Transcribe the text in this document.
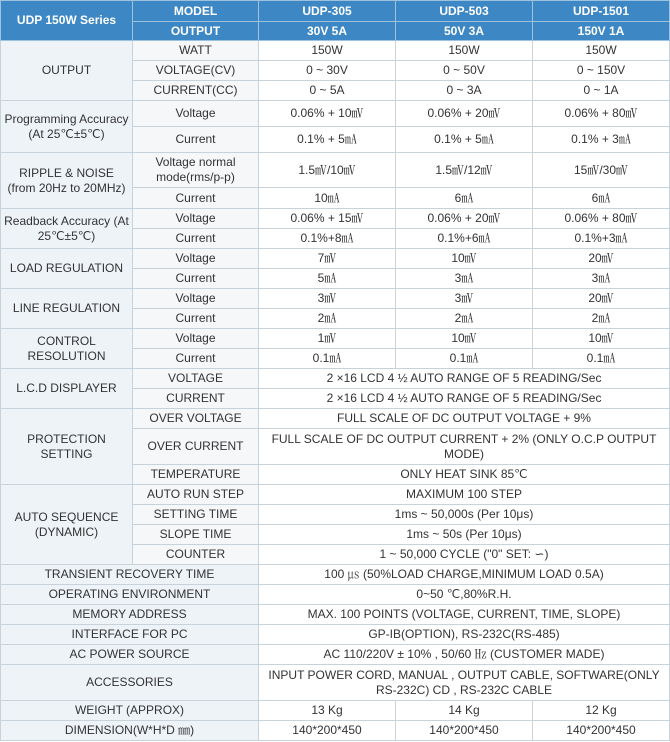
UDP 150W Series	MODEL	UDP-305	UDP-503	UDP-1501
	OUTPUT	30V 5A	50V 3A	150V 1A
OUTPUT	WATT	150W	150W	150W
	VOLTAGE(CV)	0 ~ 30V	0 ~ 50V	0 ~ 150V
	CURRENT(CC)	0 ~ 5A	0 ~ 3A	0 ~ 1A
Programming Accuracy (At 25℃±5℃)	Voltage	0.06% + 10㎷	0.06% + 20㎷	0.06% + 80㎷
	Current	0.1% + 5㎃	0.1% + 5㎃	0.1% + 3㎃
RIPPLE & NOISE (from 20Hz to 20MHz)	Voltage normal mode(rms/p-p)	1.5㎷/10㎷	1.5㎷/12㎷	15㎷/30㎷
	Current	10㎃	6㎃	6㎃
Readback Accuracy (At 25℃±5℃)	Voltage	0.06% + 15㎷	0.06% + 20㎷	0.06% + 80㎷
	Current	0.1%+8㎃	0.1%+6㎃	0.1%+3㎃
LOAD REGULATION	Voltage	7㎷	10㎷	20㎷
	Current	5㎃	3㎃	3㎃
LINE REGULATION	Voltage	3㎷	3㎷	20㎷
	Current	2㎃	2㎃	2㎃
CONTROL RESOLUTION	Voltage	1㎷	10㎷	10㎷
	Current	0.1㎃	0.1㎃	0.1㎃
L.C.D DISPLAYER	VOLTAGE	2 ×16 LCD 4 ½ AUTO RANGE OF 5 READING/Sec		
	CURRENT	2 ×16 LCD 4 ½ AUTO RANGE OF 5 READING/Sec		
PROTECTION SETTING	OVER VOLTAGE	FULL SCALE OF DC OUTPUT VOLTAGE + 9%		
	OVER CURRENT	FULL SCALE OF DC OUTPUT CURRENT + 2% (ONLY O.C.P OUTPUT MODE)		
	TEMPERATURE	ONLY HEAT SINK 85℃		
AUTO SEQUENCE (DYNAMIC)	AUTO RUN STEP	MAXIMUM 100 STEP		
	SETTING TIME	1ms ~ 50,000s (Per 10μs)		
	SLOPE TIME	1ms ~ 50s (Per 10μs)		
	COUNTER	1 ~ 50,000 CYCLE ("0" SET: ∽)		
TRANSIENT RECOVERY TIME		100 ㎲ (50%LOAD CHARGE,MINIMUM LOAD 0.5A)		
OPERATING ENVIRONMENT		0~50 ℃,80%R.H.		
MEMORY ADDRESS		MAX. 100 POINTS (VOLTAGE, CURRENT, TIME, SLOPE)		
INTERFACE FOR PC		GP-IB(OPTION), RS-232C(RS-485)		
AC POWER SOURCE		AC 110/220V ± 10% , 50/60 ㎐ (CUSTOMER MADE)		
ACCESSORIES		INPUT POWER CORD, MANUAL , OUTPUT CABLE, SOFTWARE(ONLY RS-232C) CD , RS-232C CABLE		
WEIGHT (APPROX)		13 Kg	14 Kg	12 Kg
DIMENSION(W*H*D ㎜)		140*200*450	140*200*450	140*200*450
